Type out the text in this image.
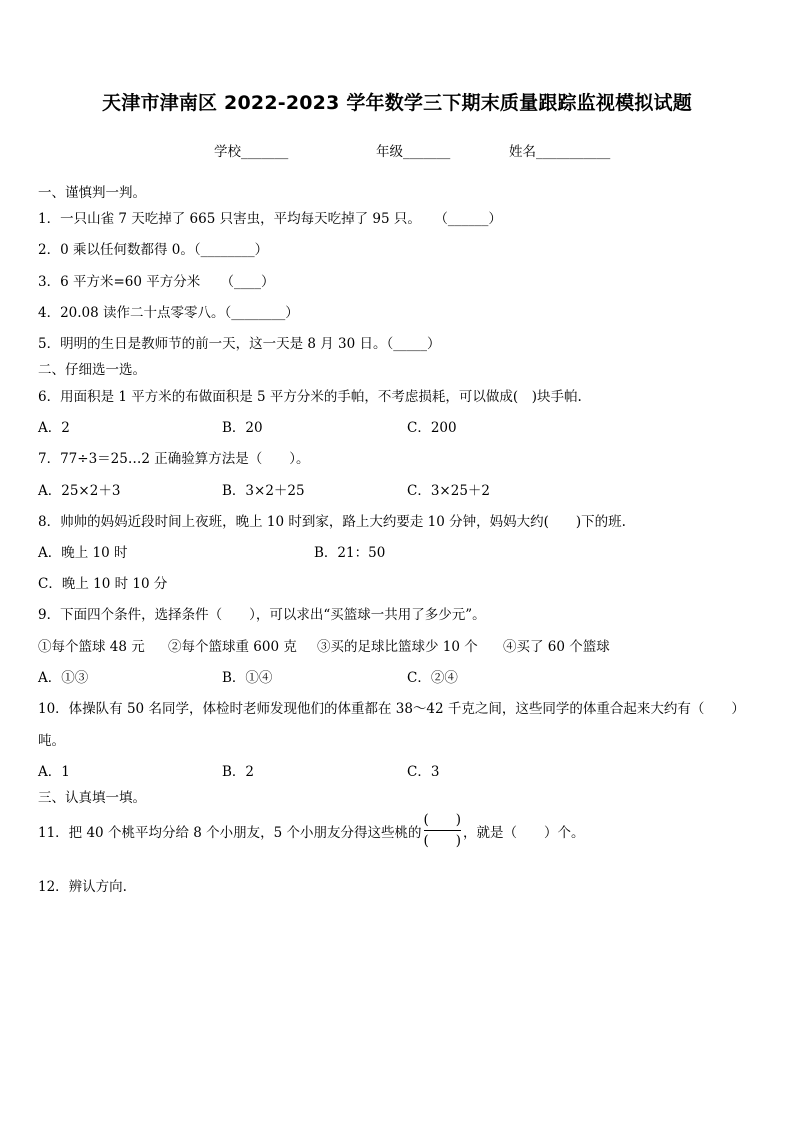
天津市津南区 2022-2023 学年数学三下期末质量跟踪监视模拟试题
学校_______	年级_______	姓名___________
一、谨慎判一判。
1．一只山雀 7 天吃掉了 665 只害虫，平均每天吃掉了 95 只。　　（______）
2．0 乘以任何数都得 0。（________）
3．6 平方米=60 平方分米　　（____）
4．20.08 读作二十点零零八。（________）
5．明明的生日是教师节的前一天，这一天是 8 月 30 日。（_____）
二、仔细选一选。
6．用面积是 1 平方米的布做面积是 5 平方分米的手帕，不考虑损耗，可以做成(　)块手帕.
A．2	B．20	C．200
7．77÷3＝25…2 正确验算方法是（　　）。
A．25×2＋3	B．3×2＋25	C．3×25＋2
8．帅帅的妈妈近段时间上夜班，晚上 10 时到家，路上大约要走 10 分钟，妈妈大约(　　)下的班.
A．晚上 10 时	B．21：50
C．晚上 10 时 10 分
9．下面四个条件，选择条件（　　），可以求出“买篮球一共用了多少元”。
①每个篮球 48 元 ②每个篮球重 600 克 ③买的足球比篮球少 10 个 ④买了 60 个篮球
A．①③	B．①④	C．②④
10．体操队有 50 名同学，体检时老师发现他们的体重都在 38～42 千克之间，这些同学的体重合起来大约有（　　）
吨。
A．1	B．2	C．3
三、认真填一填。
11．把 40 个桃平均分给 8 个小朋友，5 个小朋友分得这些桃的 $\frac{( )}{( )}$ ，就是（　　）个。
12．辨认方向.
